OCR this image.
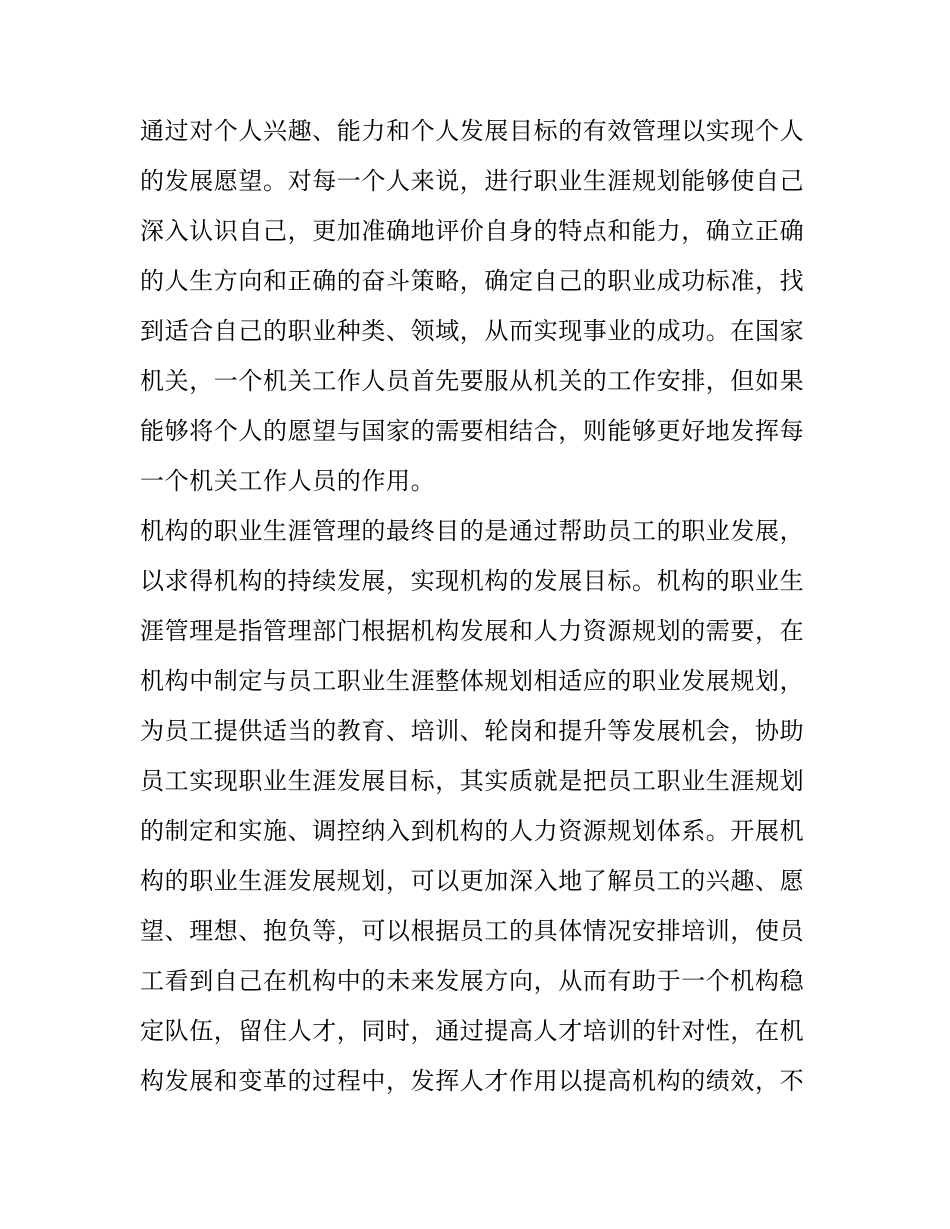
通过对个人兴趣、能力和个人发展目标的有效管理以实现个人
的发展愿望。对每一个人来说，进行职业生涯规划能够使自己
深入认识自己，更加准确地评价自身的特点和能力，确立正确
的人生方向和正确的奋斗策略，确定自己的职业成功标准，找
到适合自己的职业种类、领域，从而实现事业的成功。在国家
机关，一个机关工作人员首先要服从机关的工作安排，但如果
能够将个人的愿望与国家的需要相结合，则能够更好地发挥每
一个机关工作人员的作用。
机构的职业生涯管理的最终目的是通过帮助员工的职业发展，
以求得机构的持续发展，实现机构的发展目标。机构的职业生
涯管理是指管理部门根据机构发展和人力资源规划的需要，在
机构中制定与员工职业生涯整体规划相适应的职业发展规划，
为员工提供适当的教育、培训、轮岗和提升等发展机会，协助
员工实现职业生涯发展目标，其实质就是把员工职业生涯规划
的制定和实施、调控纳入到机构的人力资源规划体系。开展机
构的职业生涯发展规划，可以更加深入地了解员工的兴趣、愿
望、理想、抱负等，可以根据员工的具体情况安排培训，使员
工看到自己在机构中的未来发展方向，从而有助于一个机构稳
定队伍，留住人才，同时，通过提高人才培训的针对性，在机
构发展和变革的过程中，发挥人才作用以提高机构的绩效，不
